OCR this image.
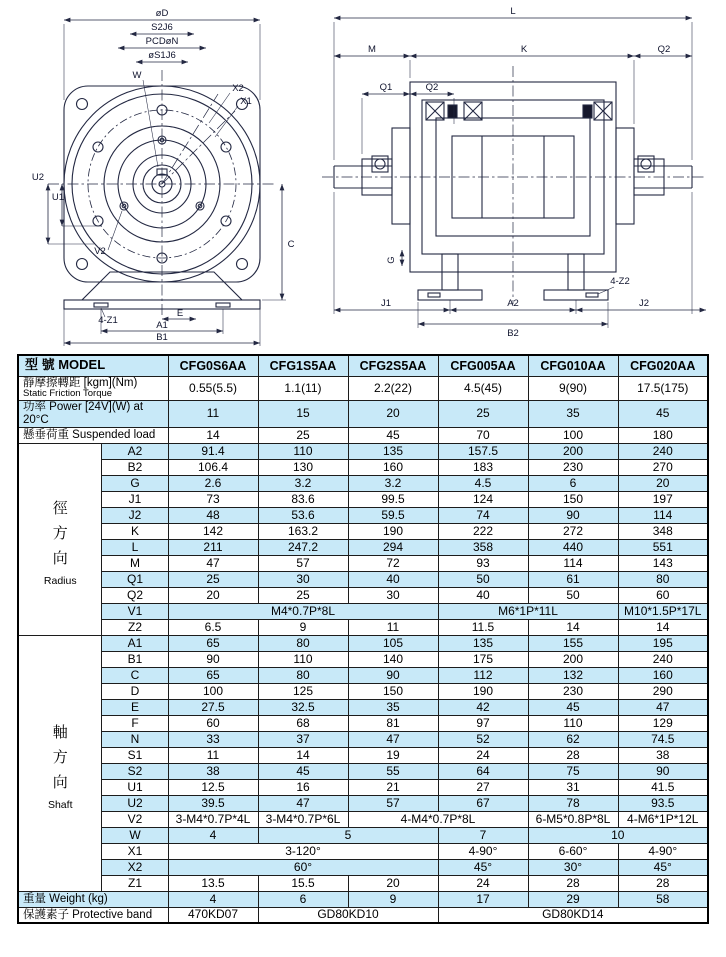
øD
S2J6
PCDøN
øS1J6
W
X2
X1
U2
U1
C
V2
4-Z1
E
A1
B1
L
M	K	Q2
Q1	Q2
G
4-Z2
J1	A2	J2
B2
型 號 MODEL		CFG0S6AA	CFG1S5AA	CFG2S5AA	CFG005AA	CFG010AA	CFG020AA

靜摩擦轉距 [kgm](Nm)
Static Friction Torque		0.55(5.5)	1.1(11)	2.2(22)	4.5(45)	9(90)	17.5(175)

功率 Power [24V](W) at 20°C		11	15	20	25	35	45

懸垂荷重 Suspended load		14	25	45	70	100	180

徑
方
向
Radius	A2	91.4	110	135	157.5	200	240
	B2	106.4	130	160	183	230	270
	G	2.6	3.2	3.2	4.5	6	20
	J1	73	83.6	99.5	124	150	197
	J2	48	53.6	59.5	74	90	114
	K	142	163.2	190	222	272	348
	L	211	247.2	294	358	440	551
	M	47	57	72	93	114	143
	Q1	25	30	40	50	61	80
	Q2	20	25	30	40	50	60
	V1	M4*0.7P*8L			M6*1P*11L		M10*1.5P*17L
	Z2	6.5	9	11	11.5	14	14

軸
方
向
Shaft	A1	65	80	105	135	155	195
	B1	90	110	140	175	200	240
	C	65	80	90	112	132	160
	D	100	125	150	190	230	290
	E	27.5	32.5	35	42	45	47
	F	60	68	81	97	110	129
	N	33	37	47	52	62	74.5
	S1	11	14	19	24	28	38
	S2	38	45	55	64	75	90
	U1	12.5	16	21	27	31	41.5
	U2	39.5	47	57	67	78	93.5
	V2	3-M4*0.7P*4L	3-M4*0.7P*6L	4-M4*0.7P*8L		6-M5*0.8P*8L	4-M6*1P*12L
	W	4	5		7	10	
	X1	3-120°			4-90°	6-60°	4-90°
	X2	60°			45°	30°	45°
	Z1	13.5	15.5	20	24	28	28

重量 Weight (kg)		4	6	9	17	29	58

保護素子 Protective band		470KD07	GD80KD10		GD80KD14		
